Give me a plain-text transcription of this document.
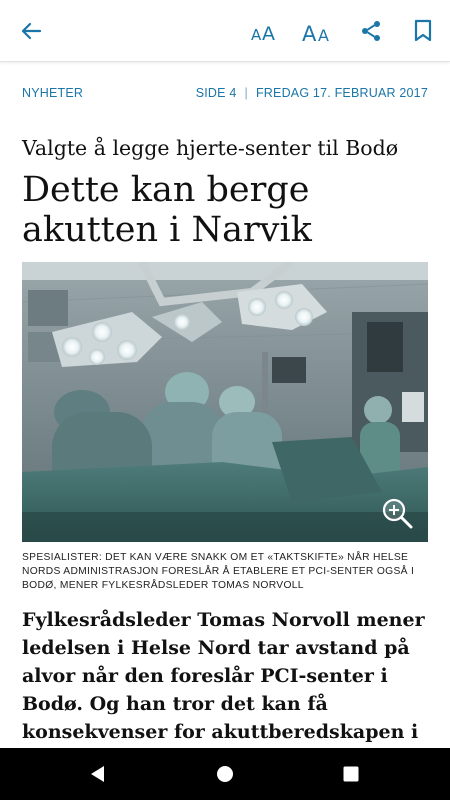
A A A A
NYHETER	SIDE 4 | FREDAG 17. FEBRUAR 2017
Valgte å legge hjerte-senter til Bodø
Dette kan berge akutten i Narvik
SPESIALISTER: DET KAN VÆRE SNAKK OM ET «TAKTSKIFTE» NÅR HELSE NORDS ADMINISTRASJON FORESLÅR Å ETABLERE ET PCI-SENTER OGSÅ I BODØ, MENER FYLKESRÅDSLEDER TOMAS NORVOLL

Fylkesrådsleder Tomas Norvoll mener ledelsen i Helse Nord tar avstand på alvor når den foreslår PCI-senter i Bodø. Og han tror det kan få konsekvenser for akuttberedskapen i
